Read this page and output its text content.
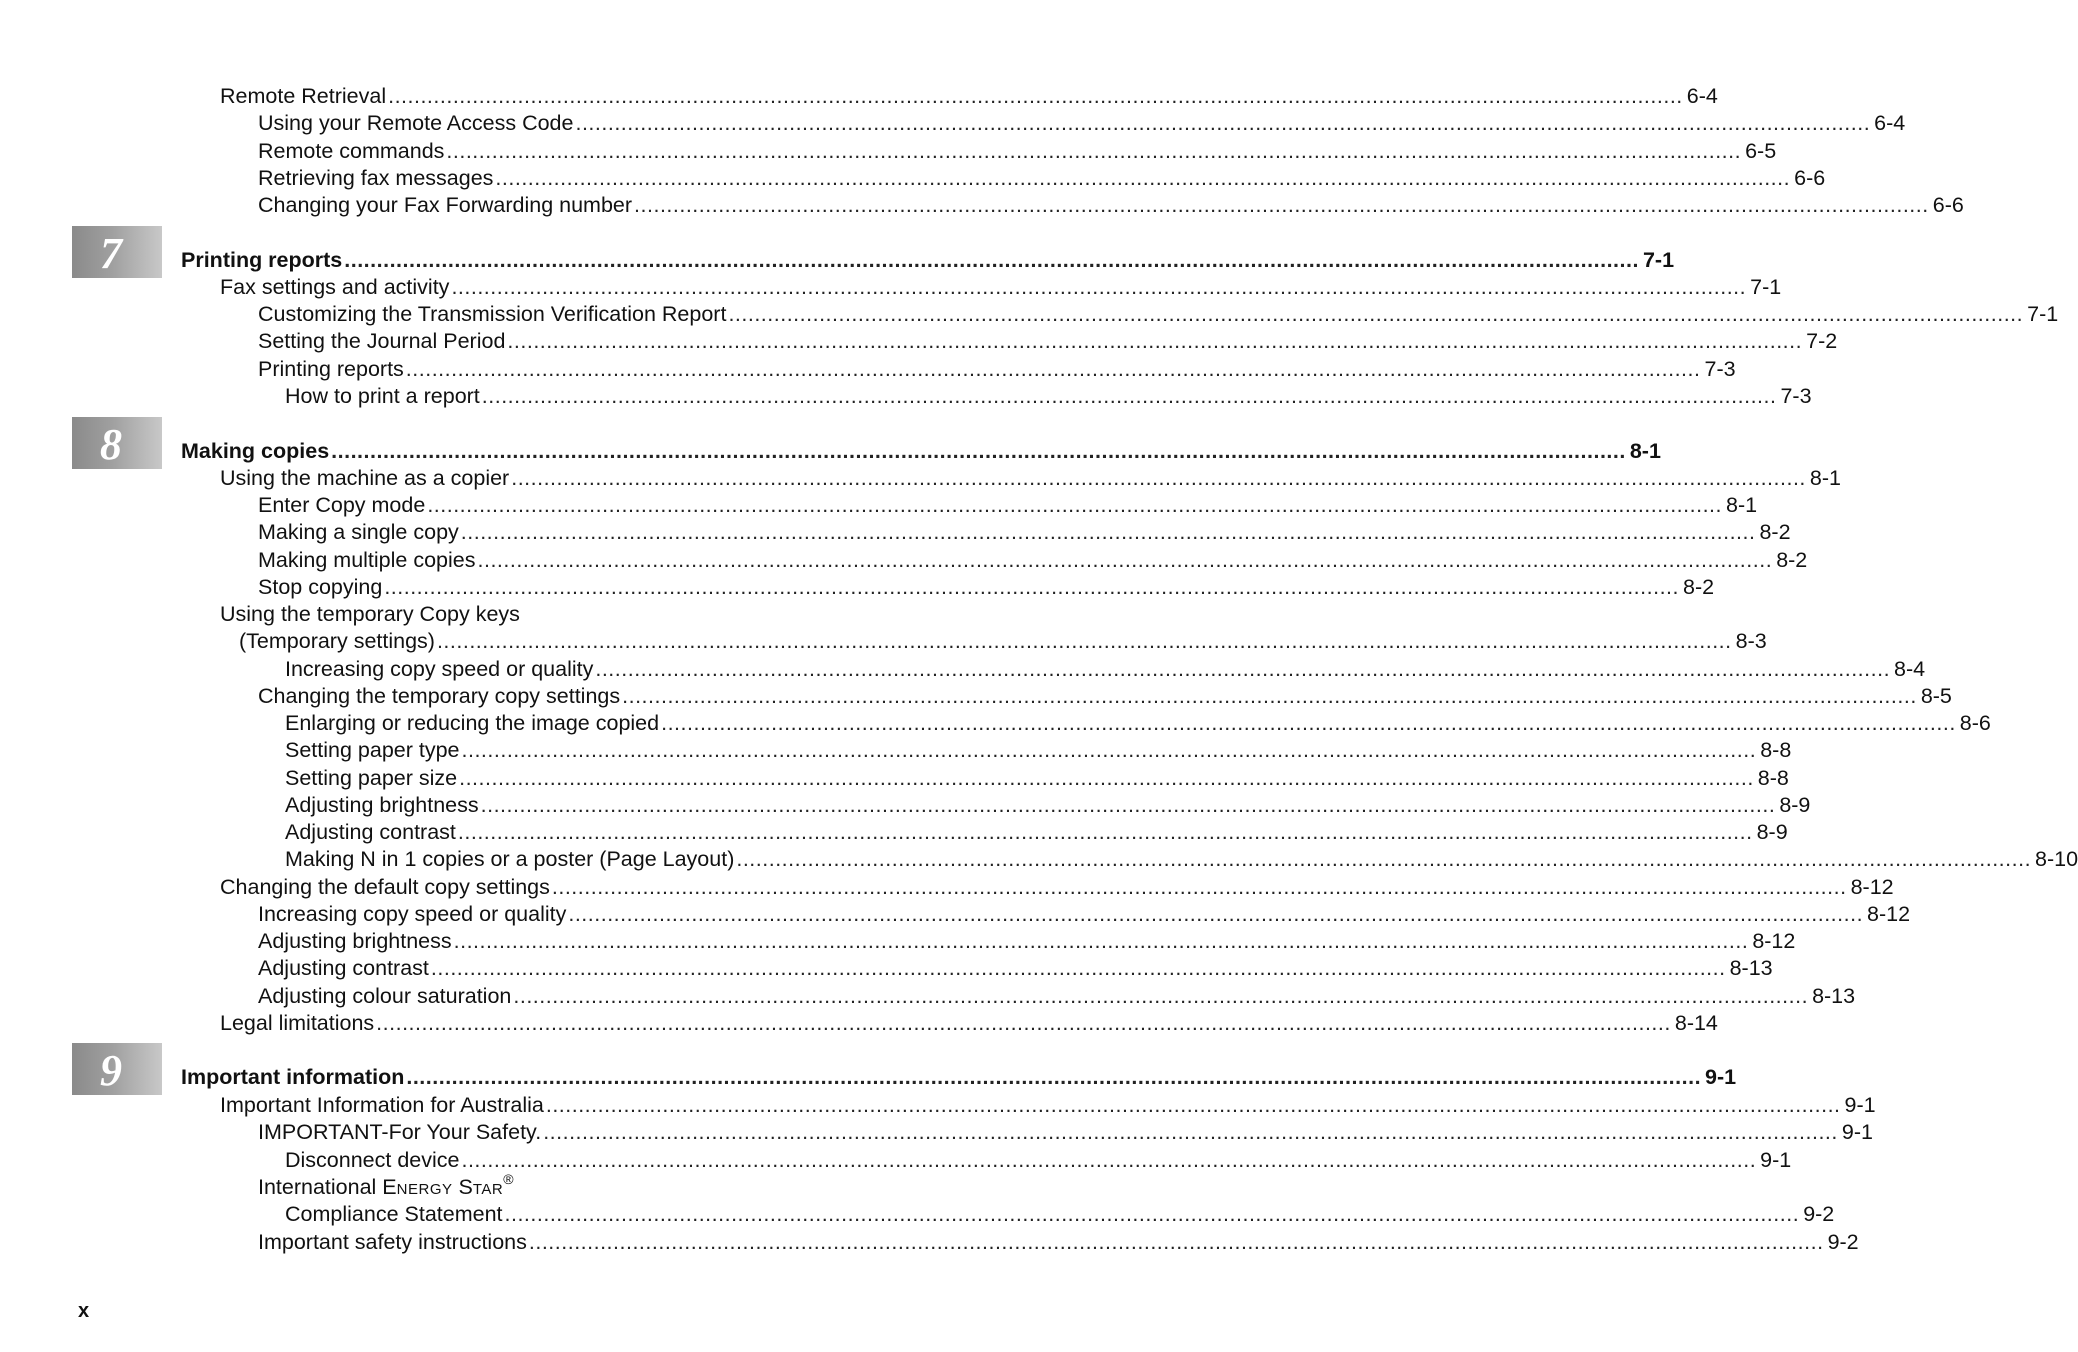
7
8
9
Remote Retrieval ........................................................................................................................................................................................................ 6-4
Using your Remote Access Code ........................................................................................................................................................................................................ 6-4
Remote commands ........................................................................................................................................................................................................ 6-5
Retrieving fax messages ........................................................................................................................................................................................................ 6-6
Changing your Fax Forwarding number ........................................................................................................................................................................................................ 6-6
Printing reports ........................................................................................................................................................................................................ 7-1
Fax settings and activity ........................................................................................................................................................................................................ 7-1
Customizing the Transmission Verification Report ........................................................................................................................................................................................................ 7-1
Setting the Journal Period ........................................................................................................................................................................................................ 7-2
Printing reports ........................................................................................................................................................................................................ 7-3
How to print a report ........................................................................................................................................................................................................ 7-3
Making copies ........................................................................................................................................................................................................ 8-1
Using the machine as a copier ........................................................................................................................................................................................................ 8-1
Enter Copy mode ........................................................................................................................................................................................................ 8-1
Making a single copy ........................................................................................................................................................................................................ 8-2
Making multiple copies ........................................................................................................................................................................................................ 8-2
Stop copying ........................................................................................................................................................................................................ 8-2
Using the temporary Copy keys
(Temporary settings) ........................................................................................................................................................................................................ 8-3
Increasing copy speed or quality ........................................................................................................................................................................................................ 8-4
Changing the temporary copy settings ........................................................................................................................................................................................................ 8-5
Enlarging or reducing the image copied ........................................................................................................................................................................................................ 8-6
Setting paper type ........................................................................................................................................................................................................ 8-8
Setting paper size ........................................................................................................................................................................................................ 8-8
Adjusting brightness ........................................................................................................................................................................................................ 8-9
Adjusting contrast ........................................................................................................................................................................................................ 8-9
Making N in 1 copies or a poster (Page Layout) ........................................................................................................................................................................................................ 8-10
Changing the default copy settings ........................................................................................................................................................................................................ 8-12
Increasing copy speed or quality ........................................................................................................................................................................................................ 8-12
Adjusting brightness ........................................................................................................................................................................................................ 8-12
Adjusting contrast ........................................................................................................................................................................................................ 8-13
Adjusting colour saturation ........................................................................................................................................................................................................ 8-13
Legal limitations ........................................................................................................................................................................................................ 8-14
Important information ........................................................................................................................................................................................................ 9-1
Important Information for Australia ........................................................................................................................................................................................................ 9-1
IMPORTANT-For Your Safety. ........................................................................................................................................................................................................ 9-1
Disconnect device ........................................................................................................................................................................................................ 9-1
International ENERGY STAR®
Compliance Statement ........................................................................................................................................................................................................ 9-2
Important safety instructions ........................................................................................................................................................................................................ 9-2
x
